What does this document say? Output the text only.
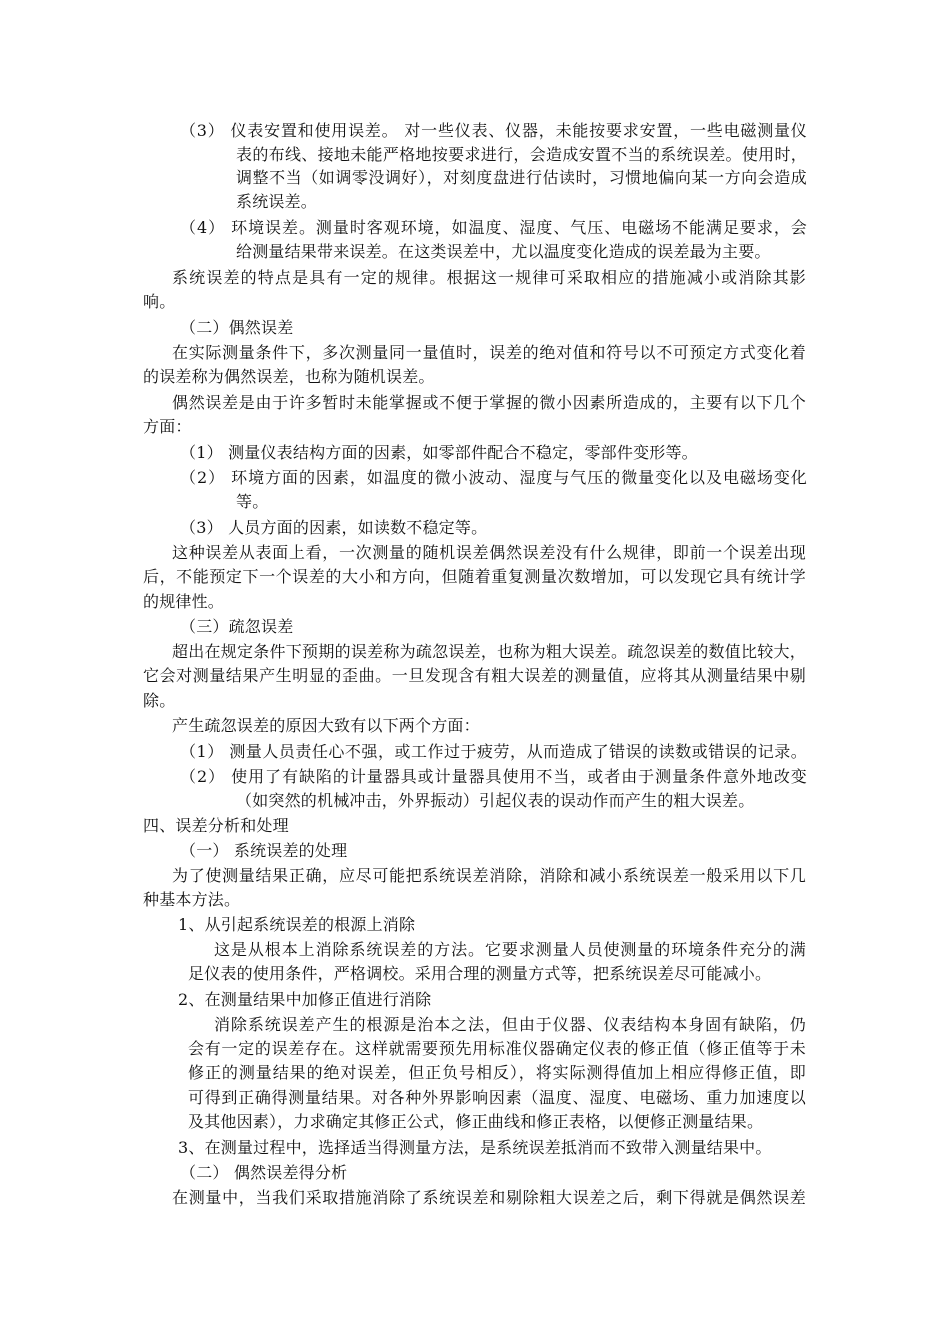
（3） 仪表安置和使用误差。 对一些仪表、仪器，未能按要求安置，一些电磁测量仪
表的布线、接地未能严格地按要求进行，会造成安置不当的系统误差。使用时，
调整不当（如调零没调好），对刻度盘进行估读时，习惯地偏向某一方向会造成
系统误差。
（4） 环境误差。测量时客观环境，如温度、湿度、气压、电磁场不能满足要求，会
给测量结果带来误差。在这类误差中，尤以温度变化造成的误差最为主要。
系统误差的特点是具有一定的规律。根据这一规律可采取相应的措施减小或消除其影
响。
（二）偶然误差
在实际测量条件下，多次测量同一量值时，误差的绝对值和符号以不可预定方式变化着
的误差称为偶然误差，也称为随机误差。
偶然误差是由于许多暂时未能掌握或不便于掌握的微小因素所造成的，主要有以下几个
方面：
（1） 测量仪表结构方面的因素，如零部件配合不稳定，零部件变形等。
（2） 环境方面的因素，如温度的微小波动、湿度与气压的微量变化以及电磁场变化
等。
（3） 人员方面的因素，如读数不稳定等。
这种误差从表面上看，一次测量的随机误差偶然误差没有什么规律，即前一个误差出现
后，不能预定下一个误差的大小和方向，但随着重复测量次数增加，可以发现它具有统计学
的规律性。
（三）疏忽误差
超出在规定条件下预期的误差称为疏忽误差，也称为粗大误差。疏忽误差的数值比较大，
它会对测量结果产生明显的歪曲。一旦发现含有粗大误差的测量值，应将其从测量结果中剔
除。
产生疏忽误差的原因大致有以下两个方面：
（1） 测量人员责任心不强，或工作过于疲劳，从而造成了错误的读数或错误的记录。
（2） 使用了有缺陷的计量器具或计量器具使用不当，或者由于测量条件意外地改变
（如突然的机械冲击，外界振动）引起仪表的误动作而产生的粗大误差。
四、误差分析和处理
（一） 系统误差的处理
为了使测量结果正确，应尽可能把系统误差消除，消除和减小系统误差一般采用以下几
种基本方法。
1、从引起系统误差的根源上消除
这是从根本上消除系统误差的方法。它要求测量人员使测量的环境条件充分的满
足仪表的使用条件，严格调校。采用合理的测量方式等，把系统误差尽可能减小。
2、在测量结果中加修正值进行消除
消除系统误差产生的根源是治本之法，但由于仪器、仪表结构本身固有缺陷，仍
会有一定的误差存在。这样就需要预先用标准仪器确定仪表的修正值（修正值等于未
修正的测量结果的绝对误差，但正负号相反），将实际测得值加上相应得修正值，即
可得到正确得测量结果。对各种外界影响因素（温度、湿度、电磁场、重力加速度以
及其他因素），力求确定其修正公式，修正曲线和修正表格，以便修正测量结果。
3、在测量过程中，选择适当得测量方法，是系统误差抵消而不致带入测量结果中。
（二） 偶然误差得分析
在测量中，当我们采取措施消除了系统误差和剔除粗大误差之后，剩下得就是偶然误差
